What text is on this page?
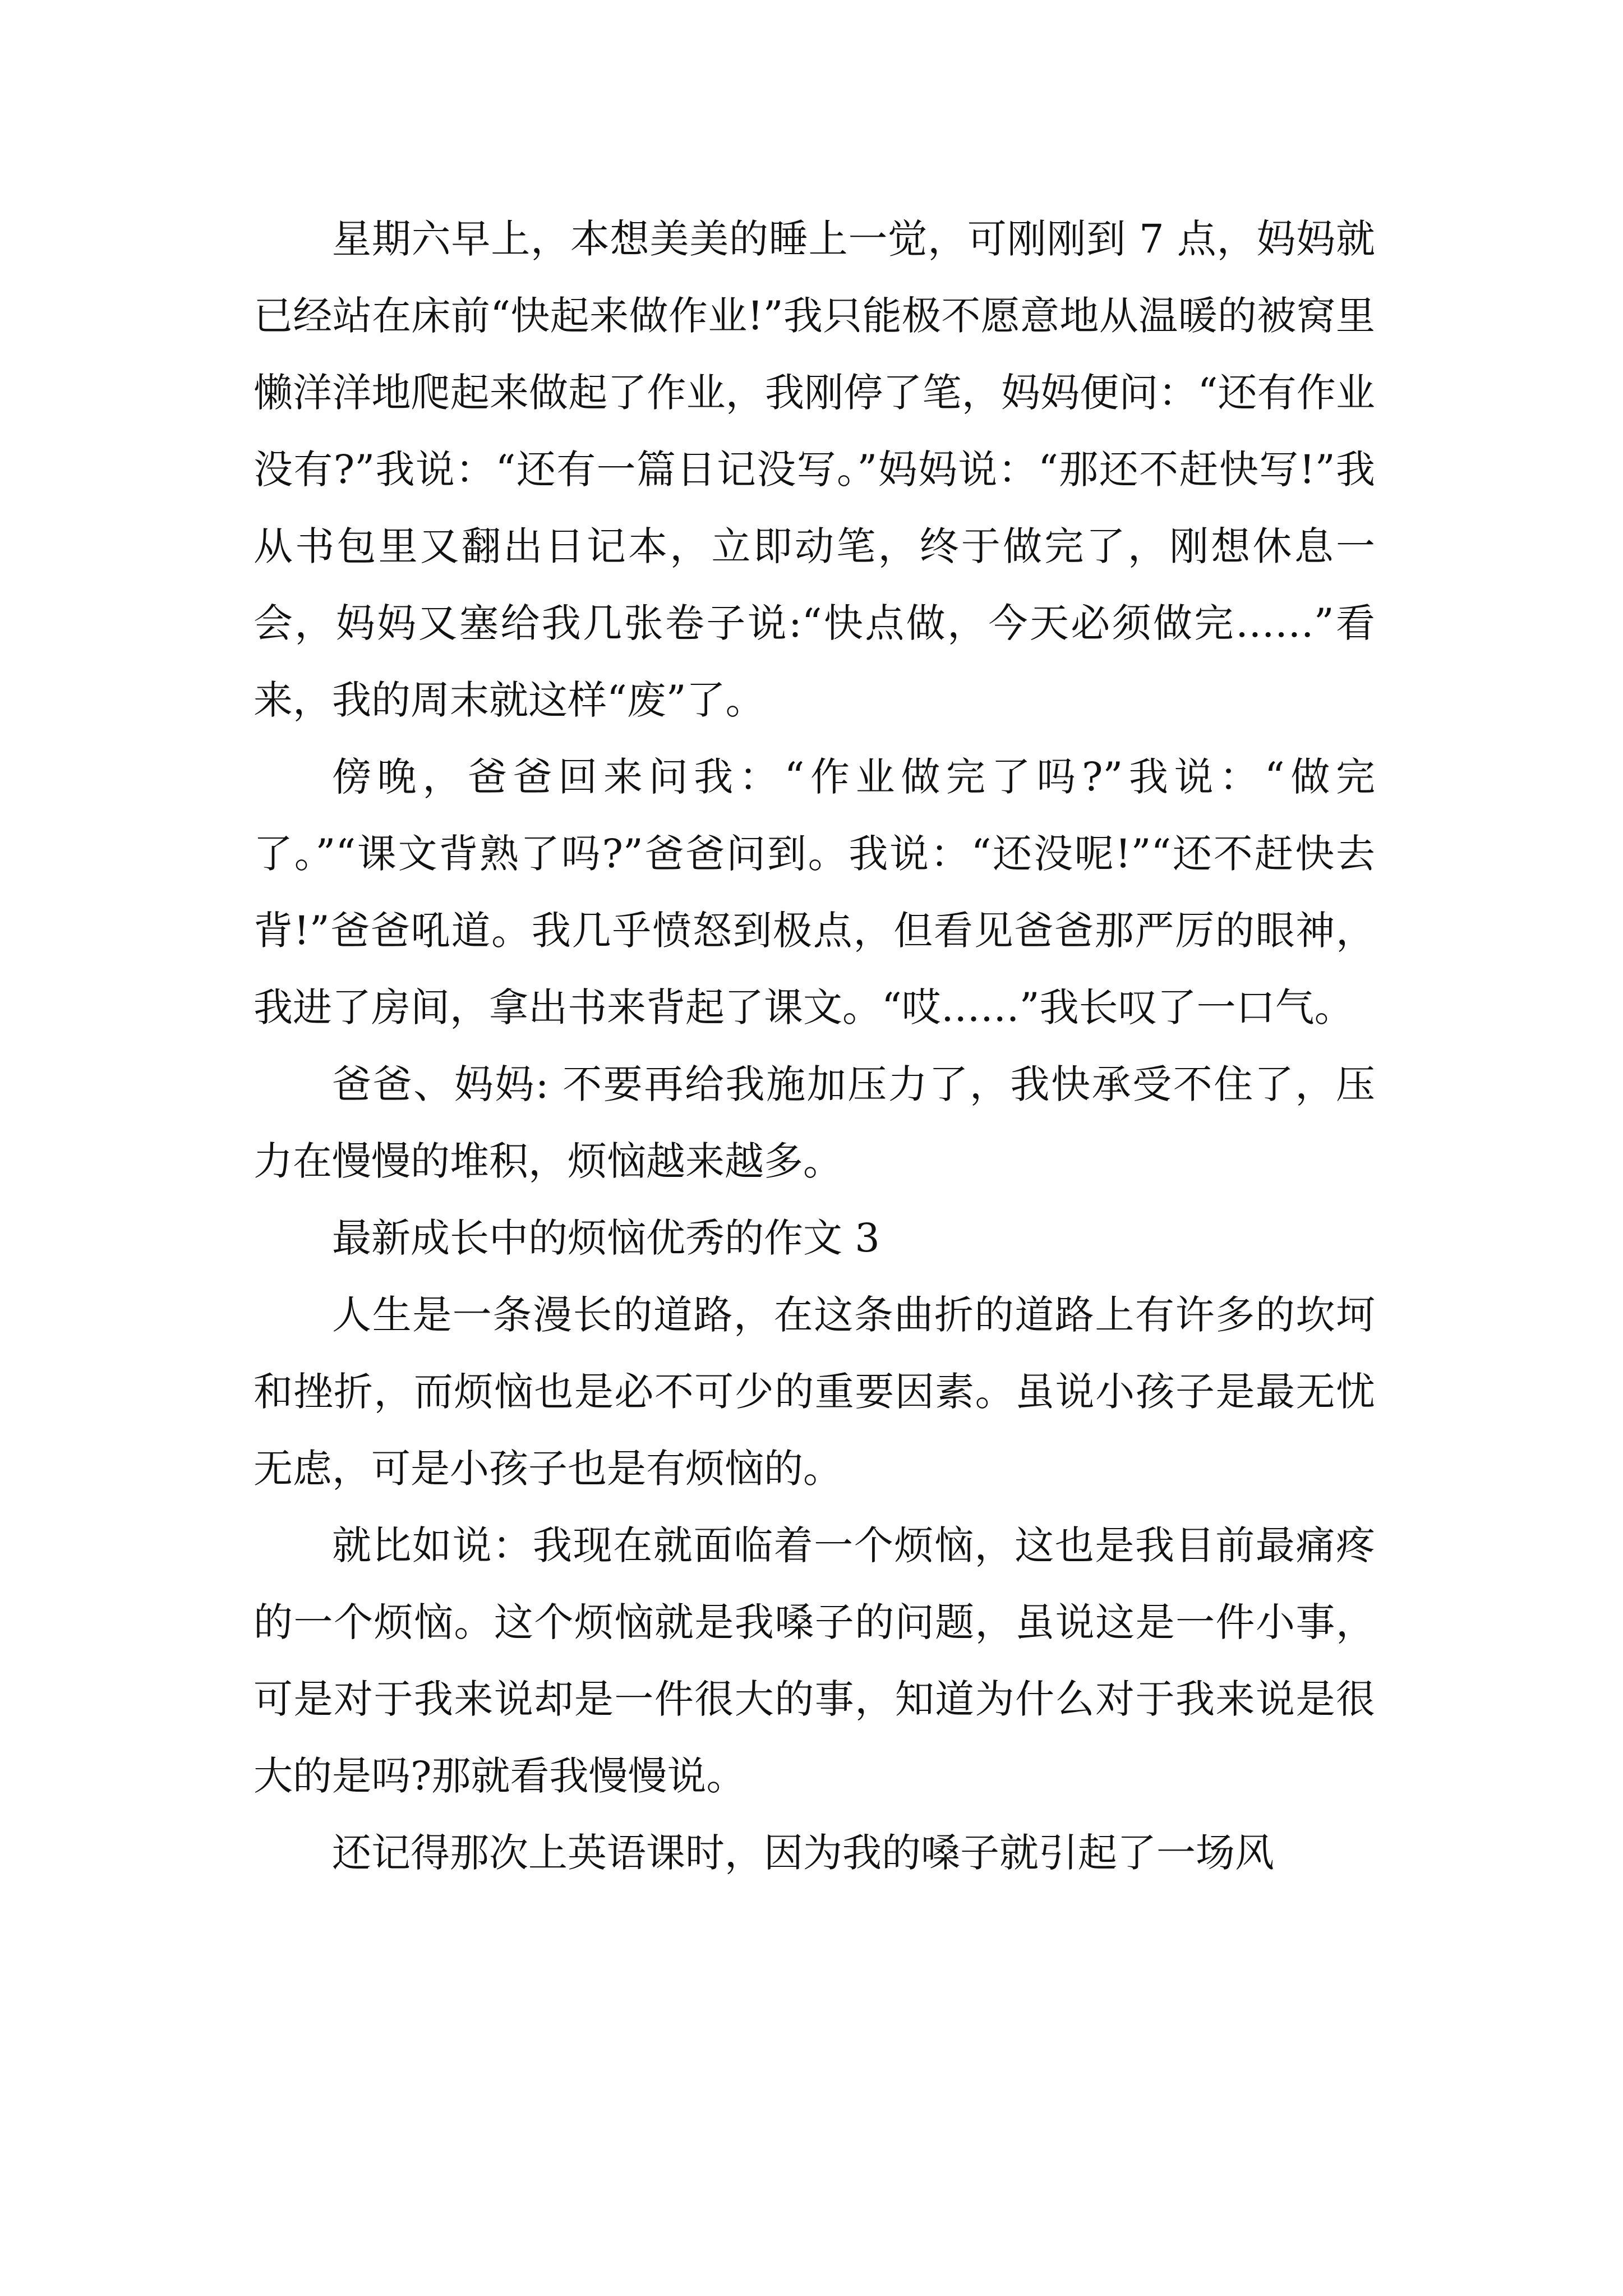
星期六早上，本想美美的睡上一觉，可刚刚到 7 点，妈妈就已经站在床前“快起来做作业!”我只能极不愿意地从温暖的被窝里懒洋洋地爬起来做起了作业，我刚停了笔，妈妈便问：“还有作业没有?”我说：“还有一篇日记没写。”妈妈说：“那还不赶快写!”我从书包里又翻出日记本，立即动笔，终于做完了，刚想休息一会，妈妈又塞给我几张卷子说:“快点做，今天必须做完……”看来，我的周末就这样“废”了。

傍晚，爸爸回来问我：“作业做完了吗?”我说：“做完了。”“课文背熟了吗?”爸爸问到。我说：“还没呢!”“还不赶快去背!”爸爸吼道。我几乎愤怒到极点，但看见爸爸那严厉的眼神，我进了房间，拿出书来背起了课文。“哎……”我长叹了一口气。

爸爸、妈妈: 不要再给我施加压力了，我快承受不住了，压力在慢慢的堆积，烦恼越来越多。

最新成长中的烦恼优秀的作文 3

人生是一条漫长的道路，在这条曲折的道路上有许多的坎坷和挫折，而烦恼也是必不可少的重要因素。虽说小孩子是最无忧无虑，可是小孩子也是有烦恼的。

就比如说：我现在就面临着一个烦恼，这也是我目前最痛疼的一个烦恼。这个烦恼就是我嗓子的问题，虽说这是一件小事，可是对于我来说却是一件很大的事，知道为什么对于我来说是很大的是吗?那就看我慢慢说。

还记得那次上英语课时，因为我的嗓子就引起了一场风
